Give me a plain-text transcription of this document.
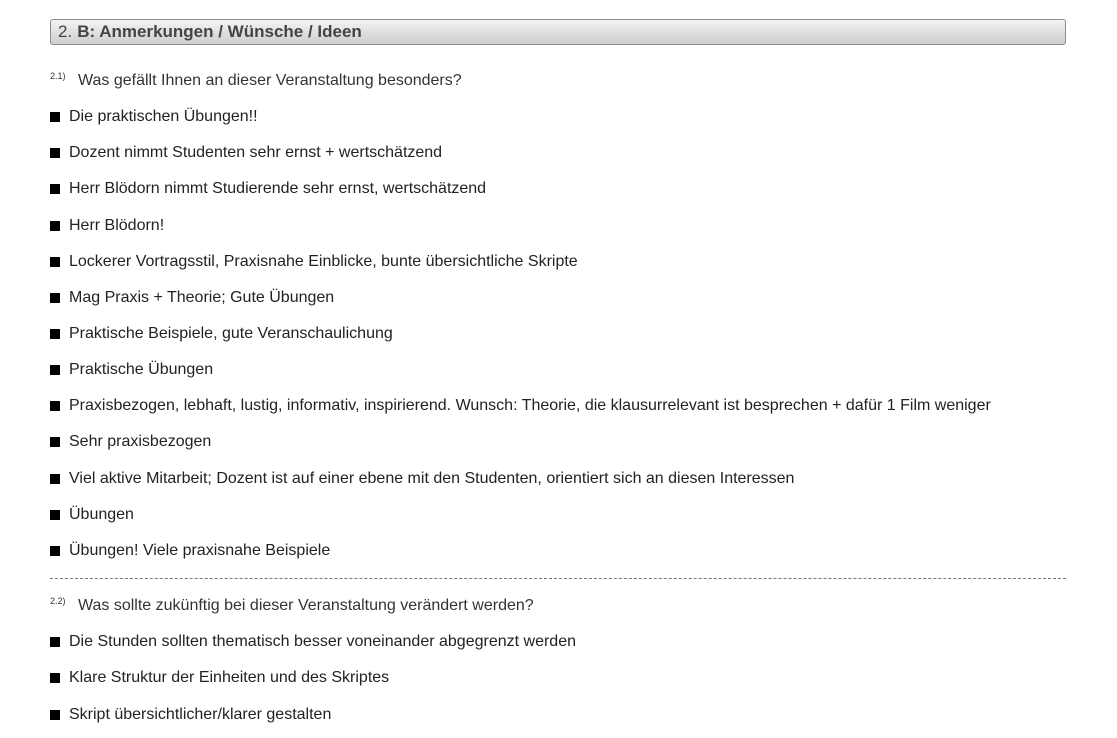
2. B: Anmerkungen / Wünsche / Ideen
2.1) Was gefällt Ihnen an dieser Veranstaltung besonders?
Die praktischen Übungen!!
Dozent nimmt Studenten sehr ernst + wertschätzend
Herr Blödorn nimmt Studierende sehr ernst, wertschätzend
Herr Blödorn!
Lockerer Vortragsstil, Praxisnahe Einblicke, bunte übersichtliche Skripte
Mag Praxis + Theorie; Gute Übungen
Praktische Beispiele, gute Veranschaulichung
Praktische Übungen
Praxisbezogen, lebhaft, lustig, informativ, inspirierend. Wunsch: Theorie, die klausurrelevant ist besprechen + dafür 1 Film weniger
Sehr praxisbezogen
Viel aktive Mitarbeit; Dozent ist auf einer ebene mit den Studenten, orientiert sich an diesen Interessen
Übungen
Übungen! Viele praxisnahe Beispiele
2.2) Was sollte zukünftig bei dieser Veranstaltung verändert werden?
Die Stunden sollten thematisch besser voneinander abgegrenzt werden
Klare Struktur der Einheiten und des Skriptes
Skript übersichtlicher/klarer gestalten
